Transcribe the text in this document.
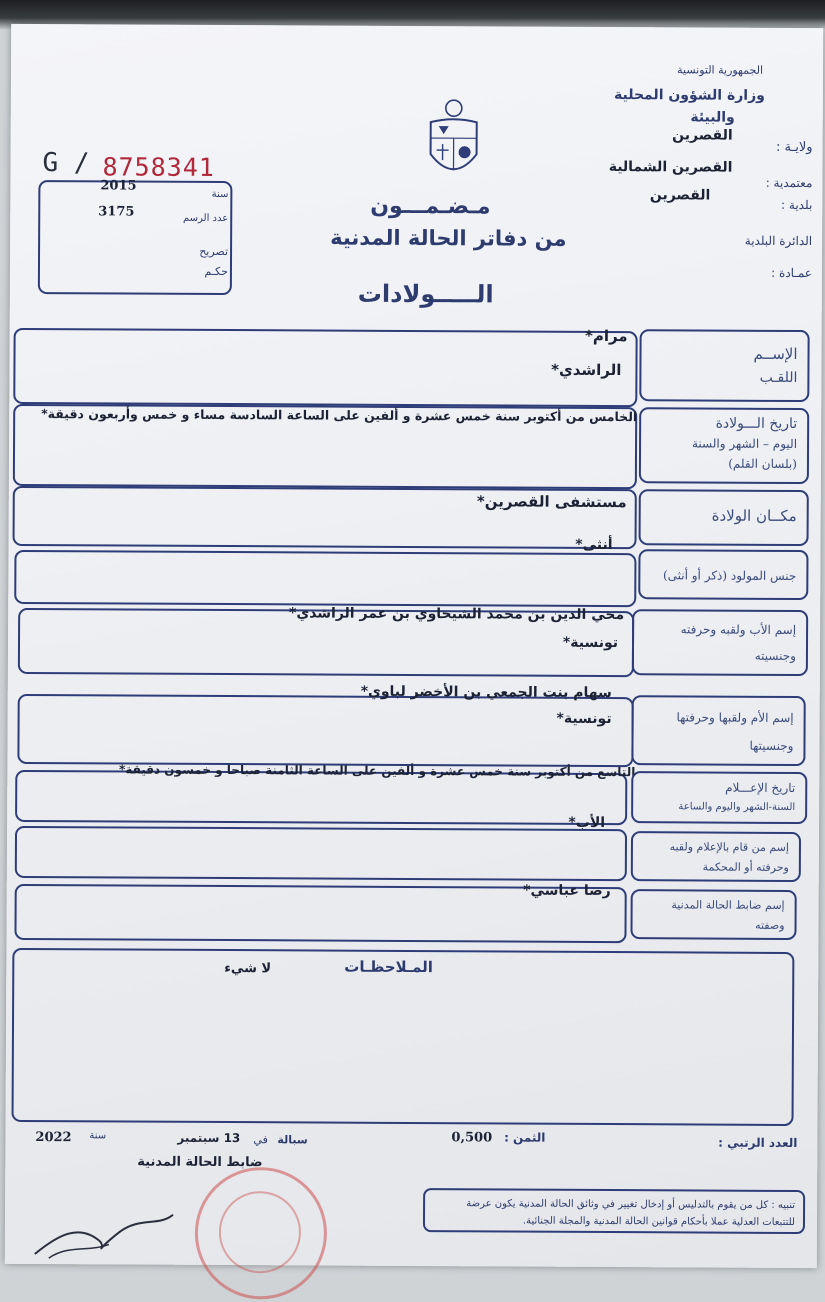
الجمهورية التونسية
وزارة الشؤون المحلية
والبيئة
ولايـة :
القصرين
معتمدية :
القصرين الشمالية
بلدية :
القصرين
الدائرة البلدية
عمـادة :
G / 8758341
سنة
2015
عدد الرسم
3175
تصريح
حكـم
مـضـمـــون
من دفاتر الحالة المدنية
الـــــولادات
مرام*
الراشدي*
الإســم
اللقـب
الخامس من أكتوبر سنة خمس عشرة و ألفين على الساعة السادسة مساء و خمس وأربعون دقيقة*	تاريخ الـــولادة
اليوم – الشهر والسنة
(بلسان القلم)
مستشفى القصرين*
مكــان الولادة
أنثى*
جنس المولود (ذكر أو أنثى)
محي الدين بن محمد الشيحاوي بن عمر الراشدي*
تونسية*
إسم الأب ولقبه وحرفته
وجنسيته
سهام بنت الجمعي بن الأخضر لباوي*
تونسية*	إسم الأم ولقبها وحرفتها
وجنسيتها
التاسع من أكتوبر سنة خمس عشرة و ألفين على الساعة الثامنة صباحا و خمسون دقيقة*
تاريخ الإعـــلام
السنة-الشهر واليوم والساعة
الأب*
إسم من قام بالإعلام ولقبه
وحرفته أو المحكمة
رضا عباسي*
إسم ضابط الحالة المدنية
وصفته
المـلاحظـات
لا شيء
العدد الرتبي :
الثمن :
0,500
سبالة
في
13 سبتمبر
سنة
2022
ضابط الحالة المدنية
تنبيه : كل من يقوم بالتدليس أو إدخال تغيير في وثائق الحالة المدنية يكون عرضة للتتبعات العدلية عملا بأحكام قوانين الحالة المدنية والمجلة الجنائية.
